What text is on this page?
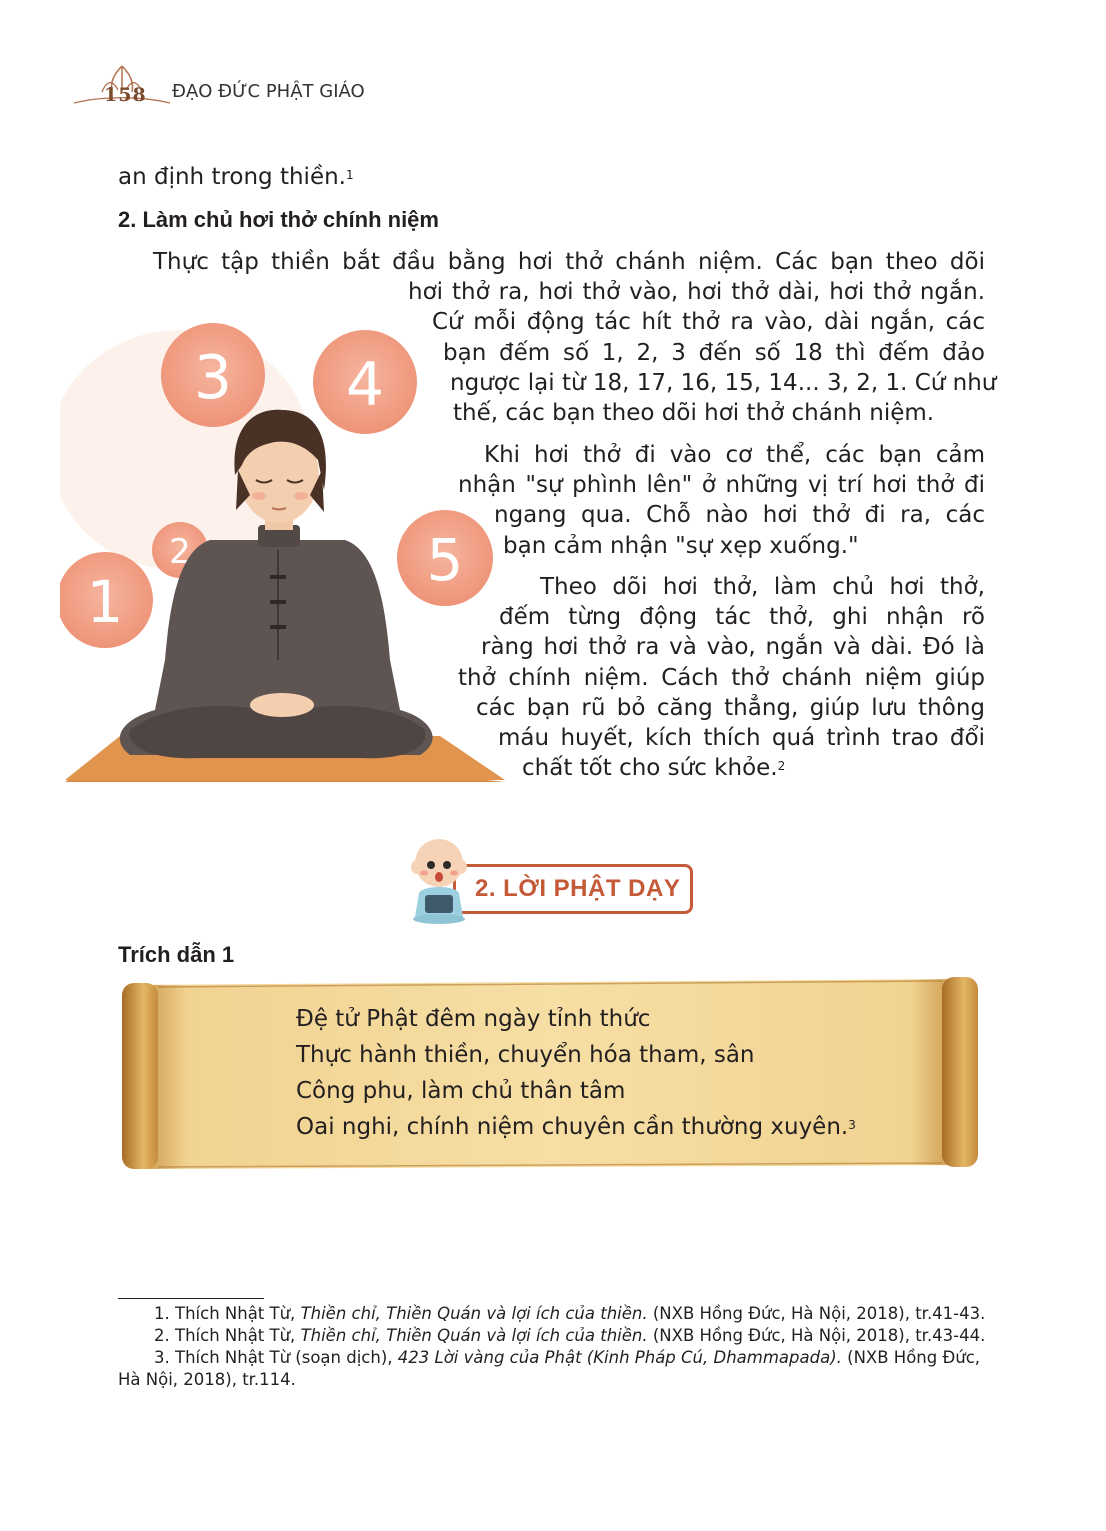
158 ĐẠO ĐỨC PHẬT GIÁO
an định trong thiền.$^1$
2. Làm chủ hơi thở chính niệm
Thực tập thiền bắt đầu bằng hơi thở chánh niệm. Các bạn theo dõi
hơi thở ra, hơi thở vào, hơi thở dài, hơi thở ngắn.
Cứ mỗi động tác hít thở ra vào, dài ngắn, các
bạn đếm số 1, 2, 3 đến số 18 thì đếm đảo
ngược lại từ 18, 17, 16, 15, 14... 3, 2, 1. Cứ như
thế, các bạn theo dõi hơi thở chánh niệm.
Khi hơi thở đi vào cơ thể, các bạn cảm
nhận "sự phình lên" ở những vị trí hơi thở đi
ngang qua. Chỗ nào hơi thở đi ra, các
bạn cảm nhận "sự xẹp xuống."
Theo dõi hơi thở, làm chủ hơi thở,
đếm từng động tác thở, ghi nhận rõ
ràng hơi thở ra và vào, ngắn và dài. Đó là
thở chính niệm. Cách thở chánh niệm giúp
các bạn rũ bỏ căng thẳng, giúp lưu thông
máu huyết, kích thích quá trình trao đổi
chất tốt cho sức khỏe.$^2$
3 4
2
1
5
2. LỜI PHẬT DẠY
Trích dẫn 1
Đệ tử Phật đêm ngày tỉnh thức
Thực hành thiền, chuyển hóa tham, sân
Công phu, làm chủ thân tâm
Oai nghi, chính niệm chuyên cần thường xuyên.$^3$
1. Thích Nhật Từ, Thiền chỉ, Thiền Quán và lợi ích của thiền. (NXB Hồng Đức, Hà Nội, 2018), tr.41-43.
2. Thích Nhật Từ, Thiền chỉ, Thiền Quán và lợi ích của thiền. (NXB Hồng Đức, Hà Nội, 2018), tr.43-44.
3. Thích Nhật Từ (soạn dịch), 423 Lời vàng của Phật (Kinh Pháp Cú, Dhammapada). (NXB Hồng Đức, Hà Nội, 2018), tr.114.
